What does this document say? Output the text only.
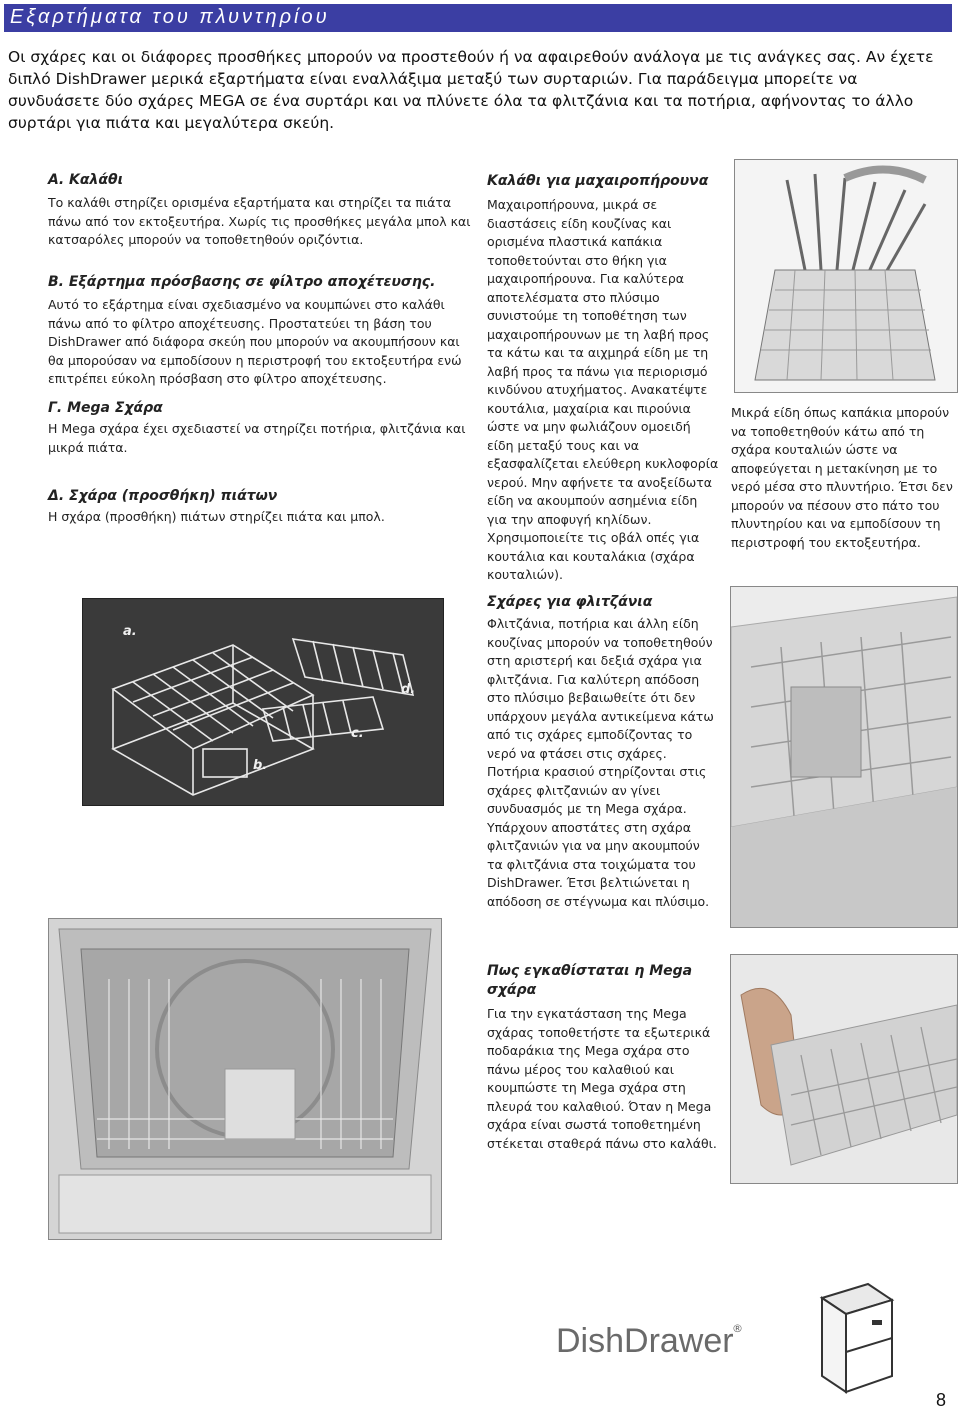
Εξαρτήματα του πλυντηρίου
Οι σχάρες και οι διάφορες προσθήκες μπορούν να προστεθούν ή να αφαιρεθούν ανάλογα με τις ανάγκες σας. Αν έχετε διπλό DishDrawer μερικά εξαρτήματα είναι εναλλάξιμα μεταξύ των συρταριών. Για παράδειγμα μπορείτε να συνδυάσετε δύο σχάρες MEGA σε ένα συρτάρι και να πλύνετε όλα τα φλιτζάνια και τα ποτήρια, αφήνοντας το άλλο συρτάρι για πιάτα και μεγαλύτερα σκεύη.
Α. Καλάθι
Το καλάθι στηρίζει ορισμένα εξαρτήματα και στηρίζει τα πιάτα πάνω από τον εκτοξευτήρα. Χωρίς τις προσθήκες μεγάλα μπολ και κατσαρόλες μπορούν να τοποθετηθούν οριζόντια.
Β. Εξάρτημα πρόσβασης σε φίλτρο αποχέτευσης.
Αυτό το εξάρτημα είναι σχεδιασμένο να κουμπώνει στο καλάθι πάνω από το φίλτρο αποχέτευσης. Προστατεύει τη βάση του DishDrawer από διάφορα σκεύη που μπορούν να ακουμπήσουν και θα μπορούσαν να εμποδίσουν η περιστροφή του εκτοξευτήρα ενώ επιτρέπει εύκολη πρόσβαση στο φίλτρο αποχέτευσης.
Γ. Mega Σχάρα
Η Mega σχάρα έχει σχεδιαστεί να στηρίζει ποτήρια, φλιτζάνια και μικρά πιάτα.
Δ. Σχάρα (προσθήκη) πιάτων
Η σχάρα (προσθήκη) πιάτων στηρίζει πιάτα και μπολ.
a.
b.
c.
d.
Καλάθι για μαχαιροπήρουνα
Μαχαιροπήρουνα, μικρά σε διαστάσεις είδη κουζίνας και ορισμένα πλαστικά καπάκια τοποθετούνται στο θήκη για μαχαιροπήρουνα. Για καλύτερα αποτελέσματα στο πλύσιμο συνιστούμε τη τοποθέτηση των μαχαιροπήρουνων με τη λαβή προς τα κάτω και τα αιχμηρά είδη με τη λαβή προς τα πάνω για περιορισμό κινδύνου ατυχήματος. Ανακατέψτε κουτάλια, μαχαίρια και πιρούνια ώστε να μην φωλιάζουν ομοειδή είδη μεταξύ τους και να εξασφαλίζεται ελεύθερη κυκλοφορία νερού. Μην αφήνετε τα ανοξείδωτα είδη να ακουμπούν ασημένια είδη για την αποφυγή κηλίδων. Χρησιμοποιείτε τις οβάλ οπές για κουτάλια και κουταλάκια (σχάρα κουταλιών).
Σχάρες για φλιτζάνια
Φλιτζάνια, ποτήρια και άλλη είδη κουζίνας μπορούν να τοποθετηθούν στη αριστερή και δεξιά σχάρα για φλιτζάνια. Για καλύτερη απόδοση στο πλύσιμο βεβαιωθείτε ότι δεν υπάρχουν μεγάλα αντικείμενα κάτω από τις σχάρες εμποδίζοντας το νερό να φτάσει στις σχάρες. Ποτήρια κρασιού στηρίζονται στις σχάρες φλιτζανιών αν γίνει συνδυασμός με τη Mega σχάρα. Υπάρχουν αποστάτες στη σχάρα φλιτζανιών για να μην ακουμπούν τα φλιτζάνια στα τοιχώματα του DishDrawer. Έτσι βελτιώνεται η απόδοση σε στέγνωμα και πλύσιμο.
Πως εγκαθίσταται η Mega σχάρα
Για την εγκατάσταση της Mega σχάρας τοποθετήστε τα εξωτερικά ποδαράκια της Mega σχάρα στο πάνω μέρος του καλαθιού και κουμπώστε τη Mega σχάρα στη πλευρά του καλαθιού. Όταν η Mega σχάρα είναι σωστά τοποθετημένη στέκεται σταθερά πάνω στο καλάθι.
Μικρά είδη όπως καπάκια μπορούν να τοποθετηθούν κάτω από τη σχάρα κουταλιών ώστε να αποφεύγεται η μετακίνηση με το νερό μέσα στο πλυντήριο. Έτσι δεν μπορούν να πέσουν στο πάτο του πλυντηρίου και να εμποδίσουν τη περιστροφή του εκτοξευτήρα.
DishDrawer
®
8
